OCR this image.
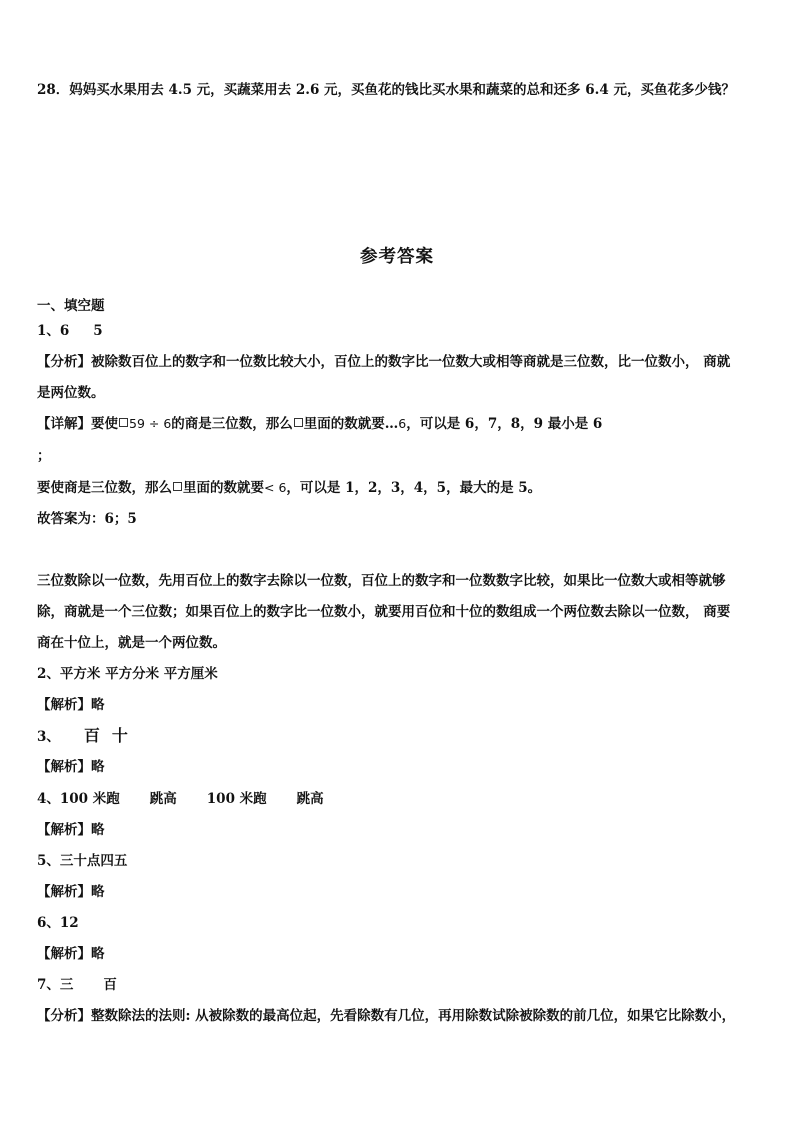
28．妈妈买水果用去 4.5 元，买蔬菜用去 2.6 元，买鱼花的钱比买水果和蔬菜的总和还多 6.4 元，买鱼花多少钱？
参考答案
一、填空题
1、6 5
【分析】被除数百位上的数字和一位数比较大小，百位上的数字比一位数大或相等商就是三位数，比一位数小， 商就
是两位数。
【详解】要使 59 ÷ 6的商是三位数，那么 里面的数就要…6，可以是 6，7，8，9 最小是 6
；
要使商是三位数，那么 里面的数就要< 6，可以是 1，2，3，4，5，最大的是 5。
故答案为：6；5
三位数除以一位数，先用百位上的数字去除以一位数，百位上的数字和一位数数字比较，如果比一位数大或相等就够
除，商就是一个三位数；如果百位上的数字比一位数小，就要用百位和十位的数组成一个两位数去除以一位数， 商要
商在十位上，就是一个两位数。
2、平方米 平方分米 平方厘米
【解析】略
3、 百 十
【解析】略
4、100 米跑 跳高 100 米跑 跳高
【解析】略
5、三十点四五
【解析】略
6、12
【解析】略
7、三 百
【分析】整数除法的法则: 从被除数的最高位起，先看除数有几位，再用除数试除被除数的前几位，如果它比除数小，
